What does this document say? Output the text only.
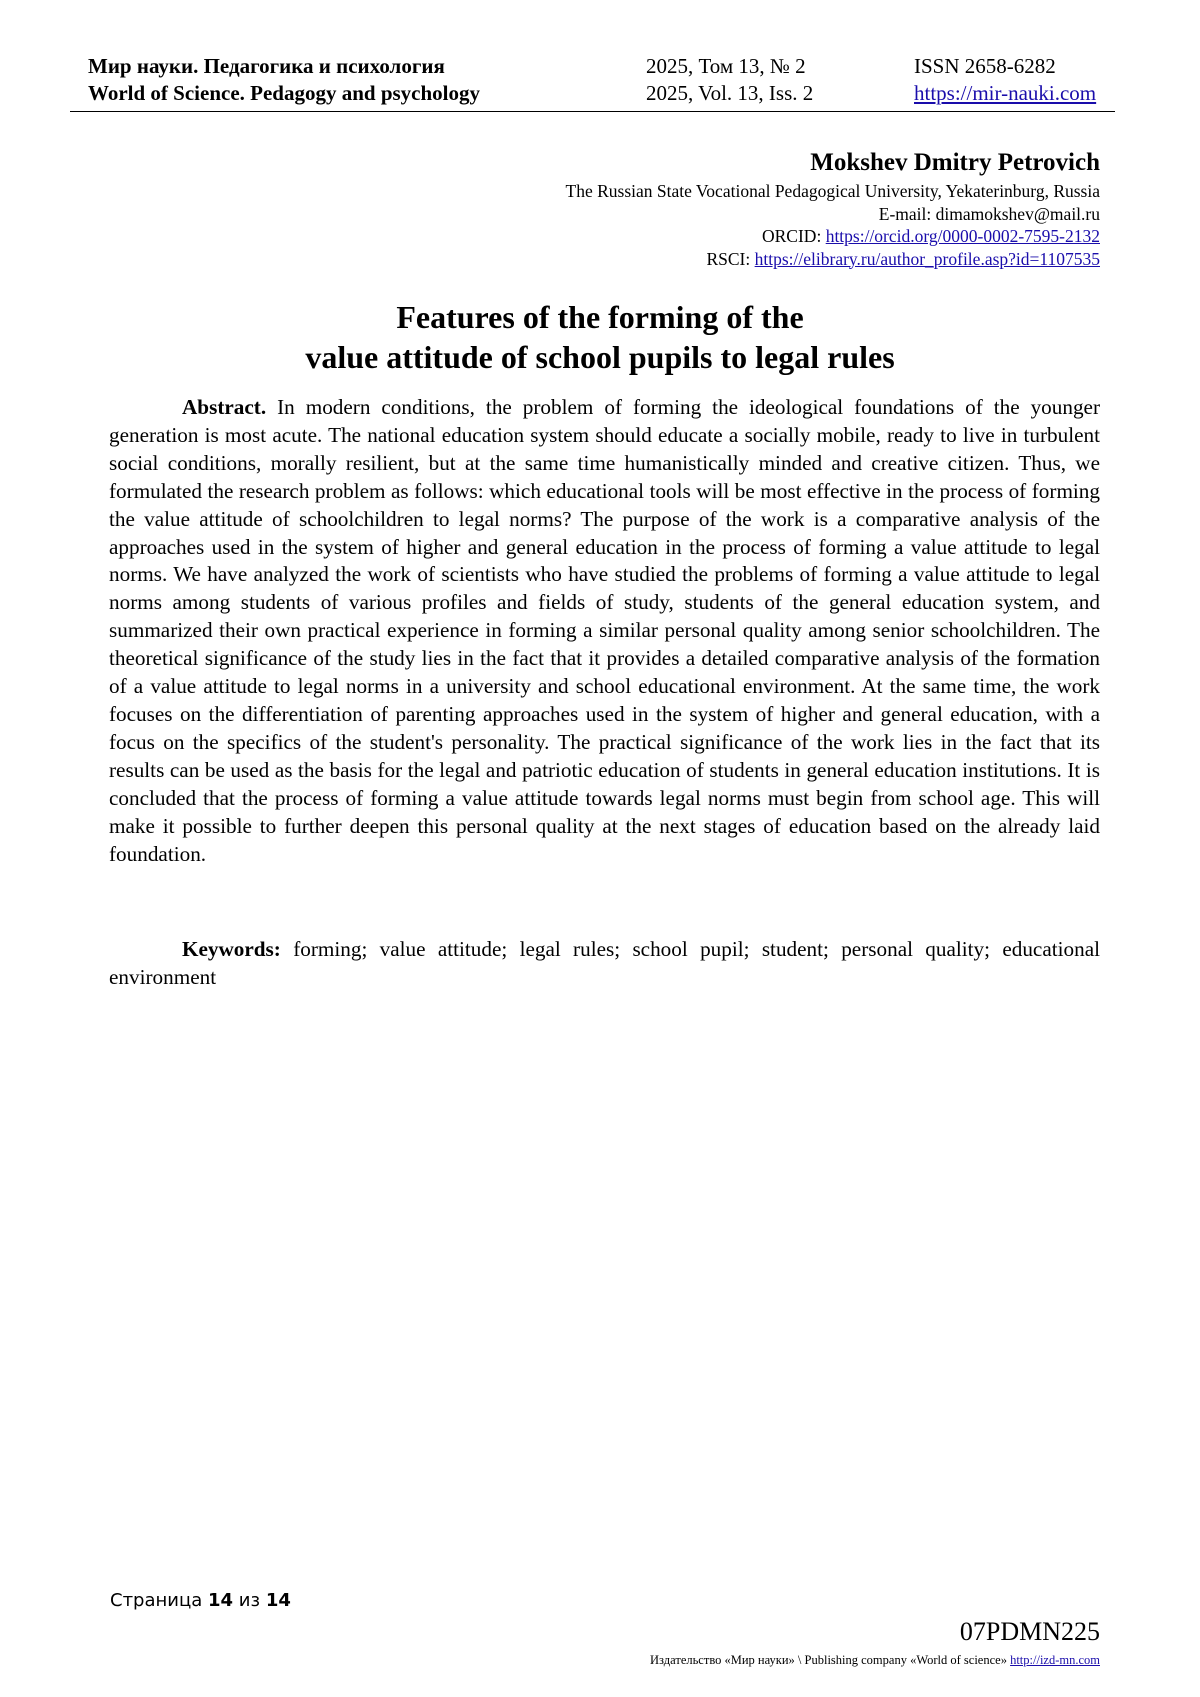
Мир науки. Педагогика и психология	2025, Том 13, № 2	ISSN 2658-6282
World of Science. Pedagogy and psychology	2025, Vol. 13, Iss. 2	https://mir-nauki.com
Mokshev Dmitry Petrovich
The Russian State Vocational Pedagogical University, Yekaterinburg, Russia
E-mail: dimamokshev@mail.ru
ORCID: https://orcid.org/0000-0002-7595-2132
RSCI: https://elibrary.ru/author_profile.asp?id=1107535
Features of the forming of the
value attitude of school pupils to legal rules
Abstract. In modern conditions, the problem of forming the ideological foundations of the younger generation is most acute. The national education system should educate a socially mobile, ready to live in turbulent social conditions, morally resilient, but at the same time humanistically minded and creative citizen. Thus, we formulated the research problem as follows: which educational tools will be most effective in the process of forming the value attitude of schoolchildren to legal norms? The purpose of the work is a comparative analysis of the approaches used in the system of higher and general education in the process of forming a value attitude to legal norms. We have analyzed the work of scientists who have studied the problems of forming a value attitude to legal norms among students of various profiles and fields of study, students of the general education system, and summarized their own practical experience in forming a similar personal quality among senior schoolchildren. The theoretical significance of the study lies in the fact that it provides a detailed comparative analysis of the formation of a value attitude to legal norms in a university and school educational environment. At the same time, the work focuses on the differentiation of parenting approaches used in the system of higher and general education, with a focus on the specifics of the student's personality. The practical significance of the work lies in the fact that its results can be used as the basis for the legal and patriotic education of students in general education institutions. It is concluded that the process of forming a value attitude towards legal norms must begin from school age. This will make it possible to further deepen this personal quality at the next stages of education based on the already laid foundation.
Keywords: forming; value attitude; legal rules; school pupil; student; personal quality; educational environment
Страница 14 из 14
07PDMN225
Издательство «Мир науки» \ Publishing company «World of science» http://izd-mn.com
